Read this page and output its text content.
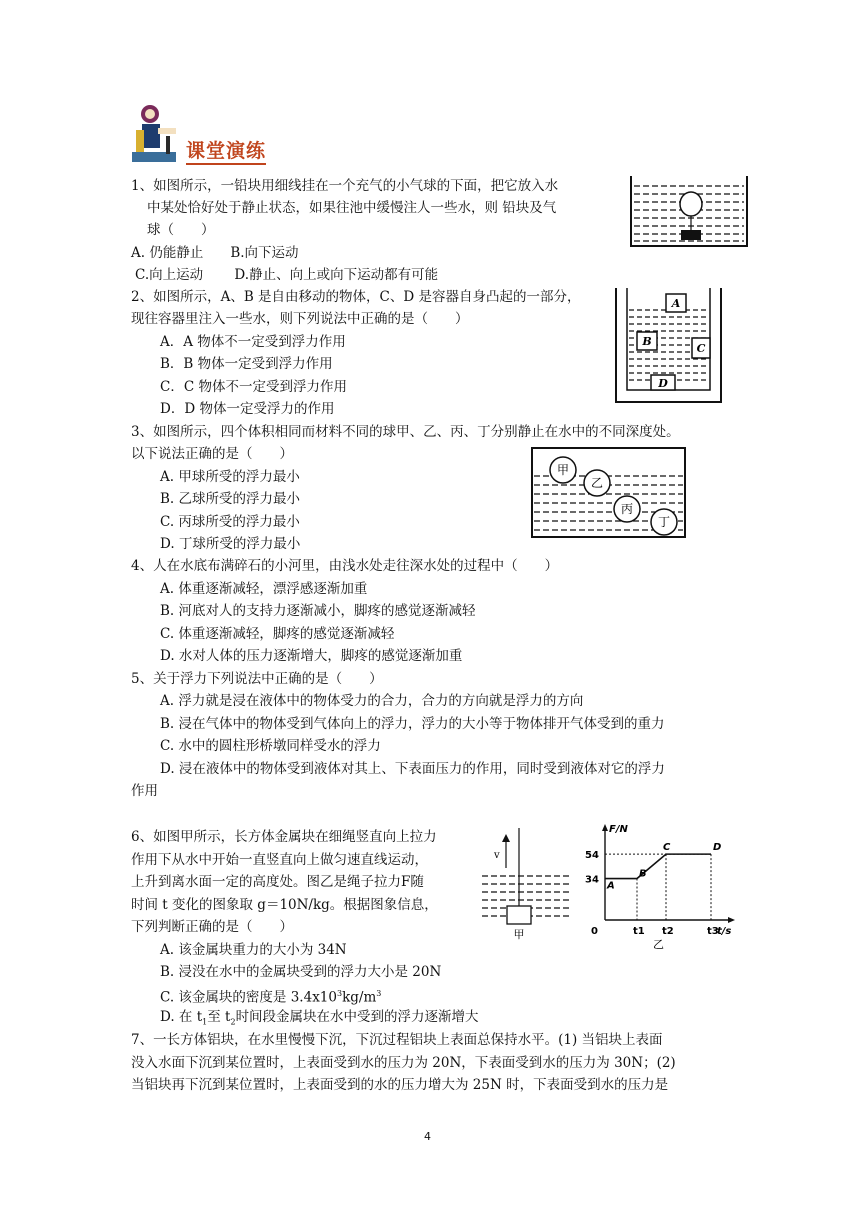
课堂演练
1、如图所示，一铅块用细线挂在一个充气的小气球的下面，把它放入水
中某处恰好处于静止状态，如果往池中缓慢注人一些水，则 铅块及气
球（　　）
A. 仍能静止　　B.向下运动
C.向上运动　　 D.静止、向上或向下运动都有可能
2、如图所示，A、B 是自由移动的物体，C、D 是容器自身凸起的一部分，
现往容器里注入一些水，则下列说法中正确的是（　　）
A．A 物体不一定受到浮力作用
B．B 物体一定受到浮力作用
C．C 物体不一定受到浮力作用
D．D 物体一定受浮力的作用
A
B
C
D
3、如图所示，四个体积相同而材料不同的球甲、乙、丙、丁分别静止在水中的不同深度处。
以下说法正确的是（　　）
A. 甲球所受的浮力最小
B. 乙球所受的浮力最小
C. 丙球所受的浮力最小
D. 丁球所受的浮力最小
甲
乙
丙
丁
4、人在水底布满碎石的小河里，由浅水处走往深水处的过程中（　　）
A. 体重逐渐减轻，漂浮感逐渐加重
B. 河底对人的支持力逐渐减小，脚疼的感觉逐渐减轻
C. 体重逐渐减轻，脚疼的感觉逐渐减轻
D. 水对人体的压力逐渐增大，脚疼的感觉逐渐加重
5、关于浮力下列说法中正确的是（　　）
A. 浮力就是浸在液体中的物体受力的合力，合力的方向就是浮力的方向
B. 浸在气体中的物体受到气体向上的浮力，浮力的大小等于物体排开气体受到的重力
C. 水中的圆柱形桥墩同样受水的浮力
D. 浸在液体中的物体受到液体对其上、下表面压力的作用，同时受到液体对它的浮力
作用
6、如图甲所示，长方体金属块在细绳竖直向上拉力
作用下从水中开始一直竖直向上做匀速直线运动，
上升到离水面一定的高度处。图乙是绳子拉力F随
时间 t 变化的图象取 g＝10N/kg。根据图象信息，
下列判断正确的是（　　）
A. 该金属块重力的大小为 34N
B. 浸没在水中的金属块受到的浮力大小是 20N
C. 该金属块的密度是 $3.4x10^3kg/m^3$
D. 在 $t_1$至 $t_2$时间段金属块在水中受到的浮力逐渐增大
v
甲
F/N
t/s
0
54
34
t1 t2	t3
A
B
C	D
乙
7、一长方体铝块，在水里慢慢下沉，下沉过程铝块上表面总保持水平。(1) 当铝块上表面
没入水面下沉到某位置时，上表面受到水的压力为 20N，下表面受到水的压力为 30N；(2)
当铝块再下沉到某位置时，上表面受到的水的压力增大为 25N 时，下表面受到水的压力是
4
